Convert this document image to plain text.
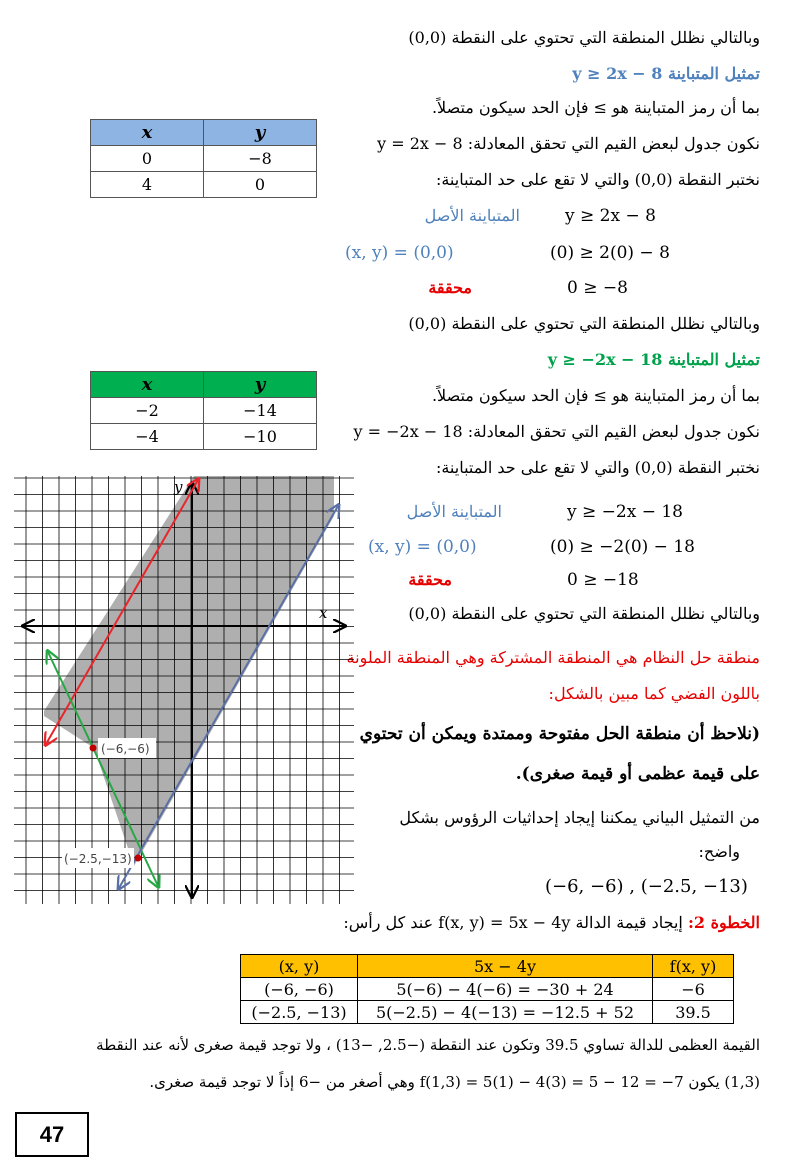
وبالتالي نظلل المنطقة التي تحتوي على النقطة (0,0)
تمثيل المتباينة y ≥ 2x − 8
بما أن رمز المتباينة هو ≥ فإن الحد سيكون متصلاً.
نكون جدول لبعض القيم التي تحقق المعادلة: y = 2x − 8
نختبر النقطة (0,0) والتي لا تقع على حد المتباينة:
y ≥ 2x − 8
المتباينة الأصل
(0) ≥ 2(0) − 8
(x, y) = (0,0)
0 ≥ −8
محققة
وبالتالي نظلل المنطقة التي تحتوي على النقطة (0,0)
x	y
0	−8
4	0
تمثيل المتباينة y ≥ −2x − 18
بما أن رمز المتباينة هو ≥ فإن الحد سيكون متصلاً.
نكون جدول لبعض القيم التي تحقق المعادلة: y = −2x − 18
نختبر النقطة (0,0) والتي لا تقع على حد المتباينة:
y ≥ −2x − 18
المتباينة الأصل
(0) ≥ −2(0) − 18
(x, y) = (0,0)
0 ≥ −18
محققة
وبالتالي نظلل المنطقة التي تحتوي على النقطة (0,0)
x	y
−2	−14
−4	−10
منطقة حل النظام هي المنطقة المشتركة وهي المنطقة الملونة
باللون الفضي كما مبين بالشكل:
(نلاحظ أن منطقة الحل مفتوحة وممتدة ويمكن أن تحتوي
على قيمة عظمى أو قيمة صغرى).
من التمثيل البياني يمكننا إيجاد إحداثيات الرؤوس بشكل
واضح:
(−6, −6) , (−2.5, −13)
x
y
(−6,−6)
(−2.5,−13)
الخطوة 2: إيجاد قيمة الدالة f(x, y) = 5x − 4y عند كل رأس:
(x, y)	5x − 4y	f(x, y)
(−6, −6)	5(−6) − 4(−6) = −30 + 24	−6
(−2.5, −13)	5(−2.5) − 4(−13) = −12.5 + 52	39.5
القيمة العظمى للدالة تساوي 39.5 وتكون عند النقطة (−2.5, −13) ، ولا توجد قيمة صغرى لأنه عند النقطة
(1,3) يكون f(1,3) = 5(1) − 4(3) = 5 − 12 = −7 وهي أصغر من −6 إذاً لا توجد قيمة صغرى.
47
